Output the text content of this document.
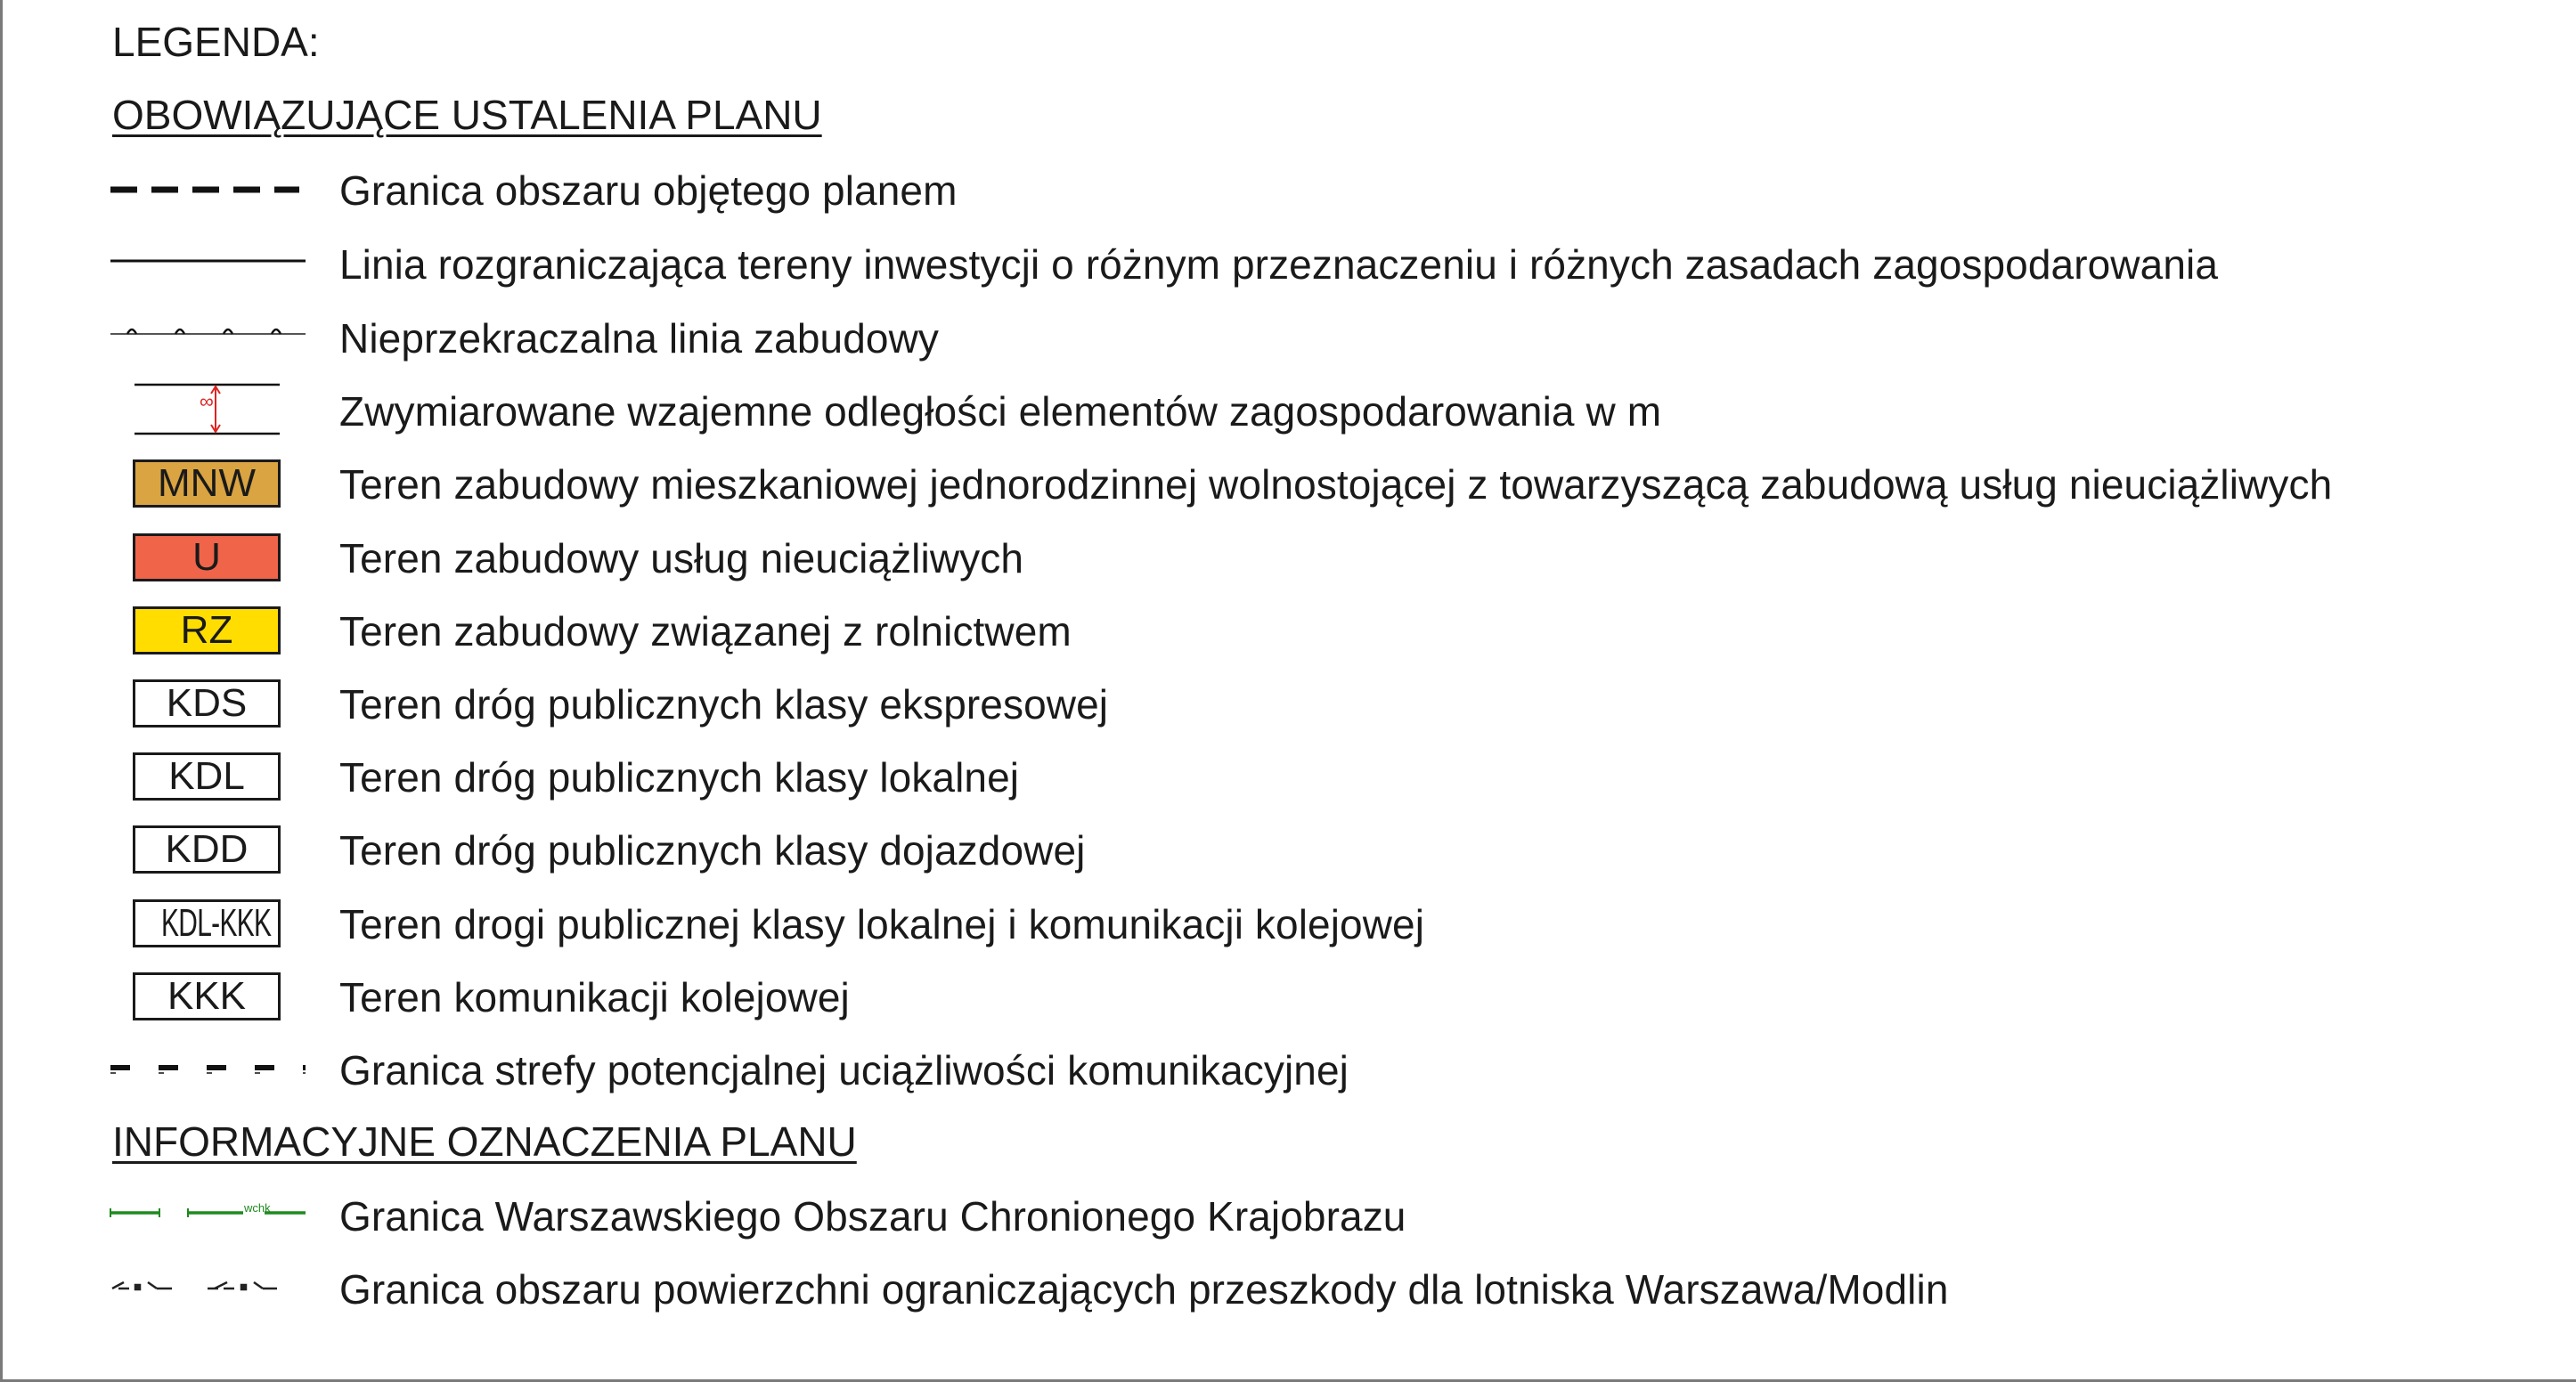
LEGENDA:
OBOWIĄZUJĄCE USTALENIA PLANU
Granica obszaru objętego planem
Linia rozgraniczająca tereny inwestycji o różnym przeznaczeniu i różnych zasadach zagospodarowania
Nieprzekraczalna linia zabudowy
∞	Zwymiarowane wzajemne odległości elementów zagospodarowania w m
MNW	Teren zabudowy mieszkaniowej jednorodzinnej wolnostojącej z towarzyszącą zabudową usług nieuciążliwych
U	Teren zabudowy usług nieuciążliwych
RZ	Teren zabudowy związanej z rolnictwem
KDS	Teren dróg publicznych klasy ekspresowej
KDL	Teren dróg publicznych klasy lokalnej
KDD	Teren dróg publicznych klasy dojazdowej
KDL-KKK Teren drogi publicznej klasy lokalnej i komunikacji kolejowej
KKK	Teren komunikacji kolejowej
Granica strefy potencjalnej uciążliwości komunikacyjnej
INFORMACYJNE OZNACZENIA PLANU
wchk Granica Warszawskiego Obszaru Chronionego Krajobrazu
Granica obszaru powierzchni ograniczających przeszkody dla lotniska Warszawa/Modlin
